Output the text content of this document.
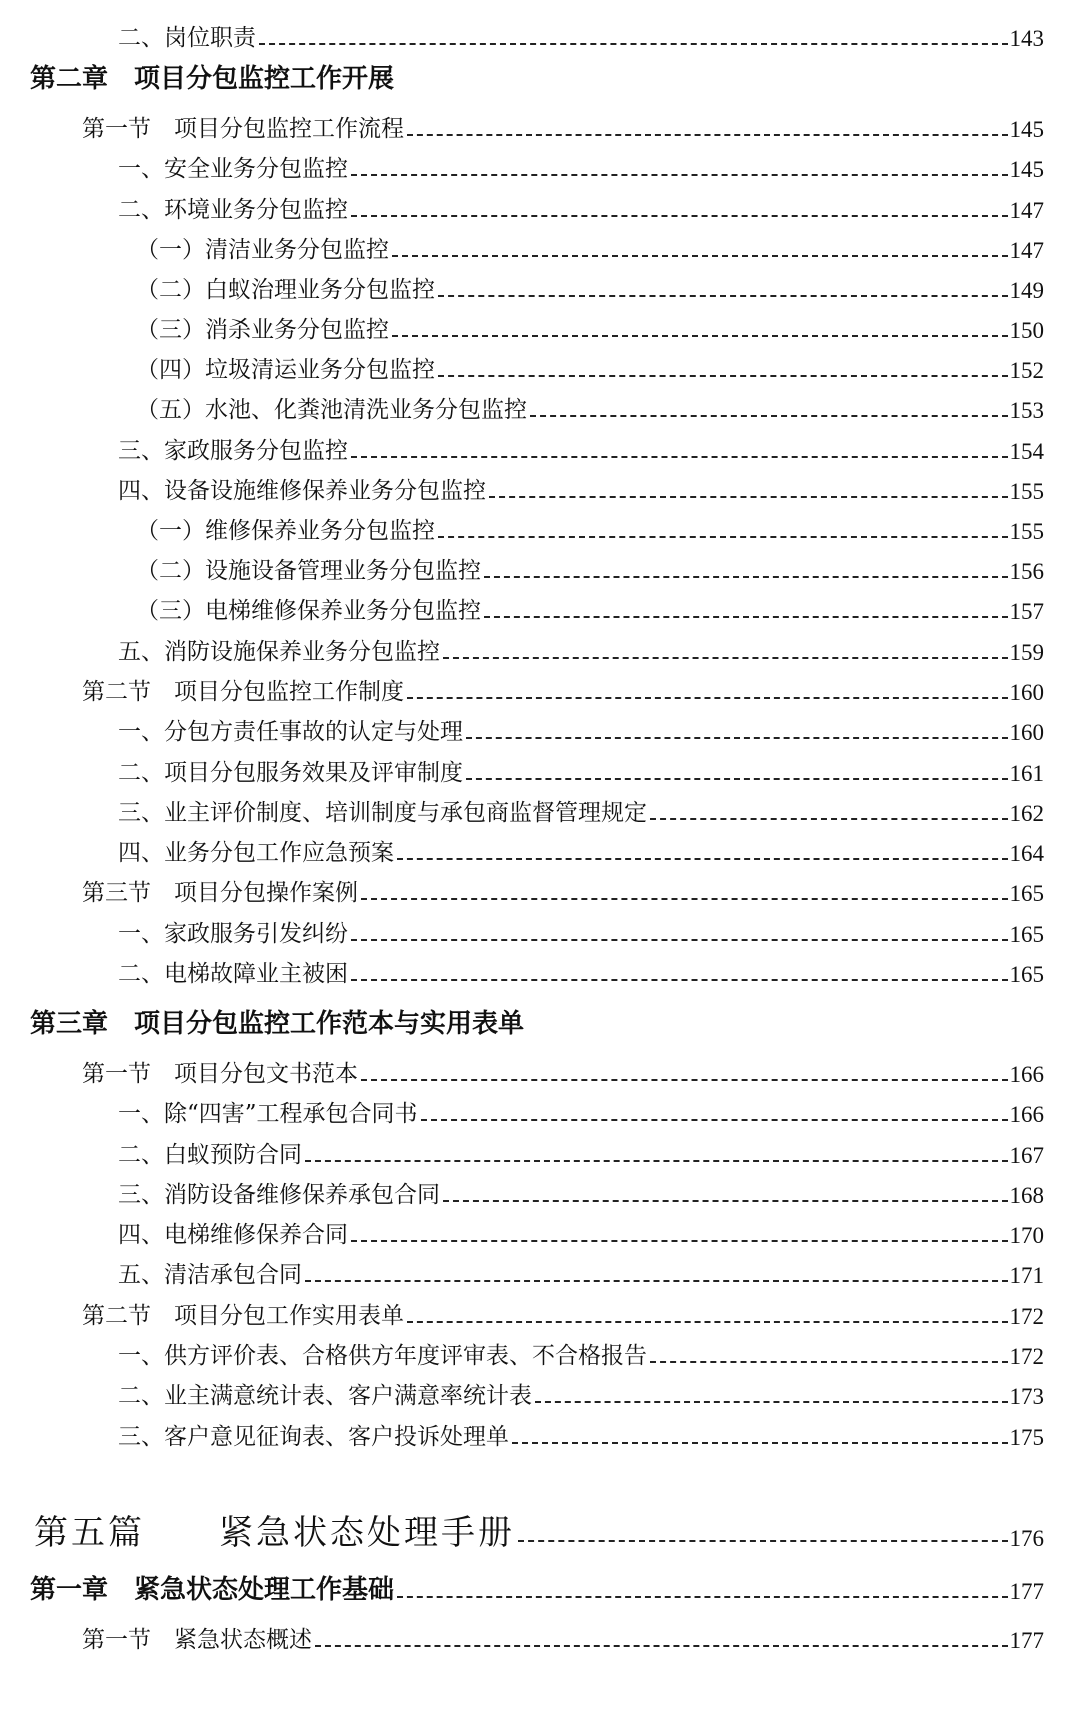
二、岗位职责	143
第二章　项目分包监控工作开展
第一节　项目分包监控工作流程	145
一、安全业务分包监控	145
二、环境业务分包监控	147
（一）清洁业务分包监控	147
（二）白蚁治理业务分包监控	149
（三）消杀业务分包监控	150
（四）垃圾清运业务分包监控	152
（五）水池、化粪池清洗业务分包监控	153
三、家政服务分包监控	154
四、设备设施维修保养业务分包监控	155
（一）维修保养业务分包监控	155
（二）设施设备管理业务分包监控	156
（三）电梯维修保养业务分包监控	157
五、消防设施保养业务分包监控	159
第二节　项目分包监控工作制度	160
一、分包方责任事故的认定与处理	160
二、项目分包服务效果及评审制度	161
三、业主评价制度、培训制度与承包商监督管理规定	162
四、业务分包工作应急预案	164
第三节　项目分包操作案例	165
一、家政服务引发纠纷	165
二、电梯故障业主被困	165
第三章　项目分包监控工作范本与实用表单
第一节　项目分包文书范本	166
一、除“四害”工程承包合同书	166
二、白蚁预防合同	167
三、消防设备维修保养承包合同	168
四、电梯维修保养合同	170
五、清洁承包合同	171
第二节　项目分包工作实用表单	172
一、供方评价表、合格供方年度评审表、不合格报告	172
二、业主满意统计表、客户满意率统计表	173
三、客户意见征询表、客户投诉处理单	175
第五篇　　紧急状态处理手册	176
第一章　紧急状态处理工作基础	177
第一节　紧急状态概述	177
